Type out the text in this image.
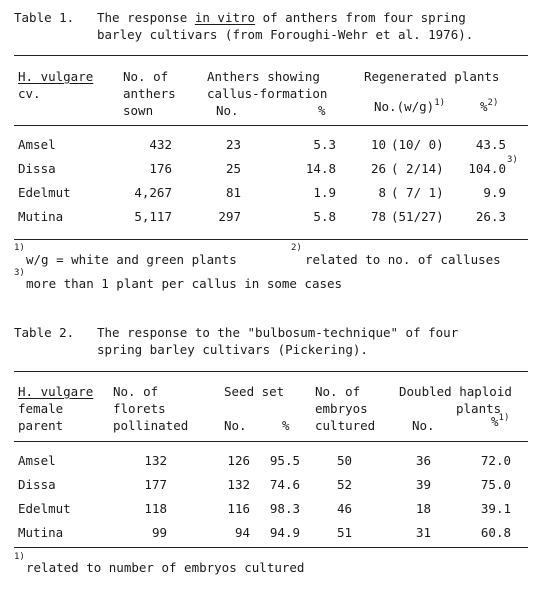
Table 1. The response in vitro of anthers from four spring
barley cultivars (from Foroughi-Wehr et al. 1976).
H. vulgare
cv.
No. of
anthers
sown
Anthers showing
callus-formation
No.	%
Regenerated plants
$No.(w/g)^{1)}$	%$^{2)}$
Amsel	432	23	5.3	10 (10/ 0)	43.5
Dissa	176	25	14.8	26 ( 2/14)	104.0
3)
Edelmut	4,267	81	1.9	8 ( 7/ 1)	9.9
Mutina	5,117	297	5.8	78 (51/27)	26.3
1)
w/g = white and green plants
2)
related to no. of calluses
3)
more than 1 plant per callus in some cases
Table 2. The response to the "bulbosum-technique" of four
spring barley cultivars (Pickering).
H. vulgare
female
parent
No. of
florets
pollinated
Seed set
No.	%
No. of
embryos
cultured
Doubled haploid
plants
No.	%$^{1)}$
Amsel	132	126	95.5	50	36	72.0
Dissa	177	132	74.6	52	39	75.0
Edelmut	118	116	98.3	46	18	39.1
Mutina	99	94	94.9	51	31	60.8
1)
related to number of embryos cultured
